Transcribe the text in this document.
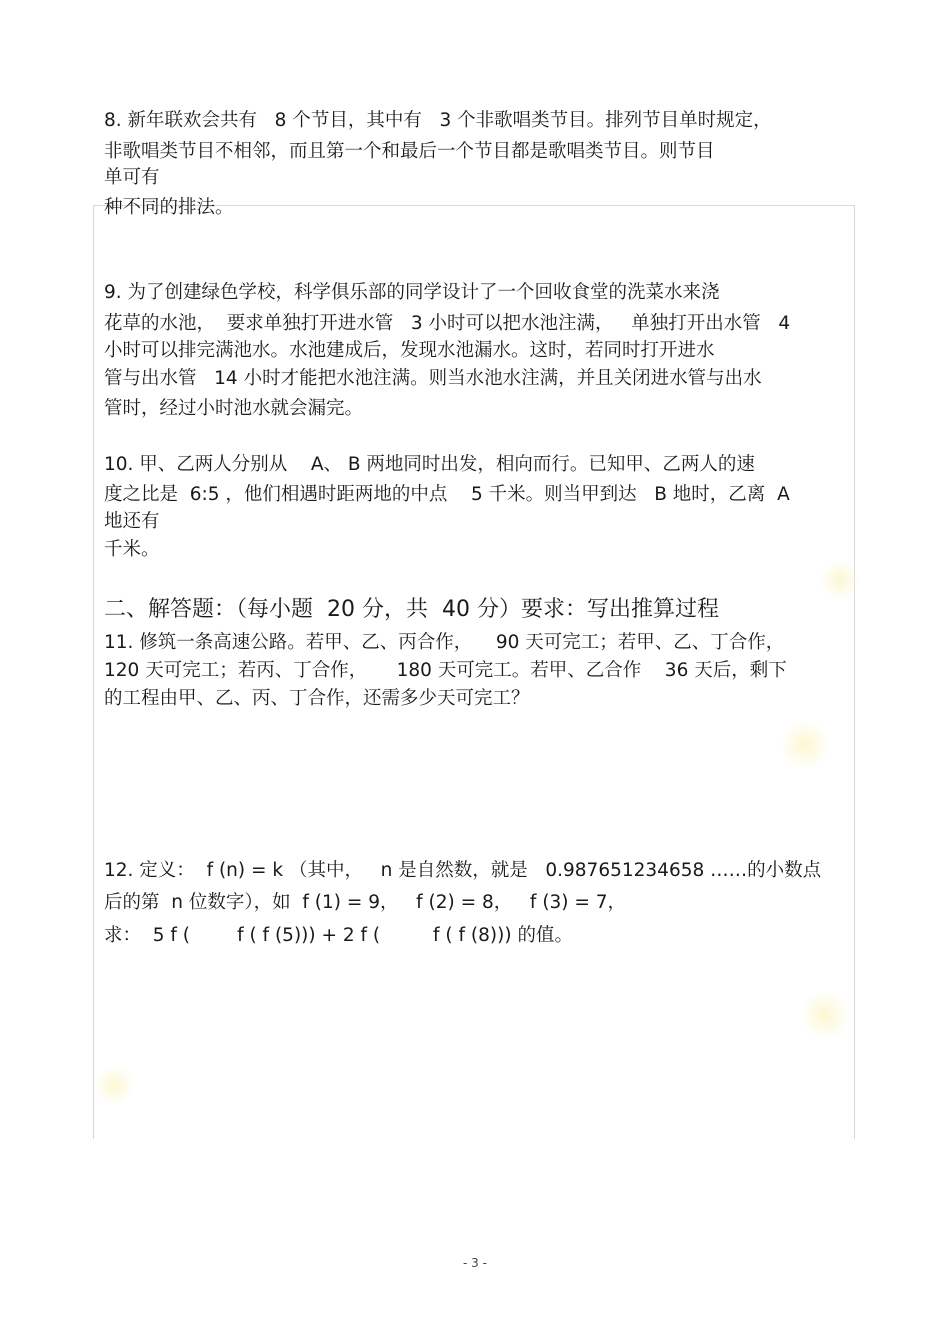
8. 新年联欢会共有   8 个节目，其中有   3 个非歌唱类节目。排列节目单时规定，

非歌唱类节目不相邻，而且第一个和最后一个节目都是歌唱类节目。则节目

单可有

种不同的排法。

9. 为了创建绿色学校，科学俱乐部的同学设计了一个回收食堂的洗菜水来浇

花草的水池，  要求单独打开进水管   3 小时可以把水池注满，   单独打开出水管   4

小时可以排完满池水。水池建成后，发现水池漏水。这时，若同时打开进水

管与出水管   14 小时才能把水池注满。则当水池水注满，并且关闭进水管与出水

管时，经过小时池水就会漏完。

10. 甲、乙两人分别从    A、 B 两地同时出发，相向而行。已知甲、乙两人的速

度之比是  6:5 ，他们相遇时距两地的中点    5 千米。则当甲到达   B 地时，乙离  A

地还有

千米。

二、解答题：（每小题  20 分，共  40 分）要求：写出推算过程

11. 修筑一条高速公路。若甲、乙、丙合作，    90 天可完工；若甲、乙、丁合作，

120 天可完工；若丙、丁合作，     180 天可完工。若甲、乙合作    36 天后，剩下

的工程由甲、乙、丙、丁合作，还需多少天可完工？

12. 定义：  f (n) = k （其中，   n 是自然数，就是   0.987651234658 ……的小数点

后的第  n 位数字），如  f (1) = 9，   f (2) = 8，   f (3) = 7，

求：  5 f (        f ( f (5))) + 2 f (         f ( f (8))) 的值。

- 3 -
